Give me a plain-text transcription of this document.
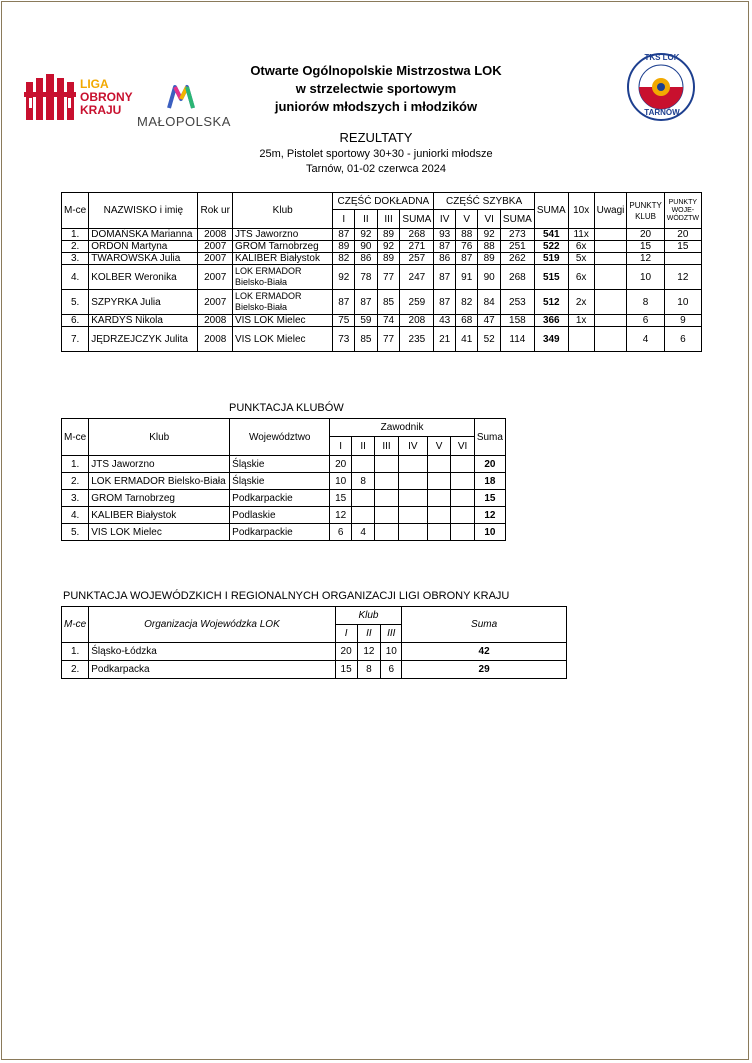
LIGA
OBRONY
KRAJU
MAŁOPOLSKA
TKS LOK
TARNÓW
Otwarte Ogólnopolskie Mistrzostwa LOK
w strzelectwie sportowym
juniorów młodszych i młodzików
REZULTATY
25m, Pistolet sportowy 30+30 - juniorki młodsze
Tarnów, 01-02 czerwca 2024
M-ce	NAZWISKO i imię	Rok ur	Klub	CZĘŚĆ DOKŁADNA				CZĘŚĆ SZYBKA				SUMA	10x	Uwagi	PUNKTY KLUB	PUNKTY WOJE-WÓDZTW
				I	II	III	SUMA	IV	V	VI	SUMA					
1.	DOMAŃSKA Marianna	2008	JTS Jaworzno	87	92	89	268	93	88	92	273	541	11x		20	20
2.	ORDON Martyna	2007	GROM Tarnobrzeg	89	90	92	271	87	76	88	251	522	6x		15	15
3.	TWAROWSKA Julia	2007	KALIBER Białystok	82	86	89	257	86	87	89	262	519	5x		12	
4.	KOLBER Weronika	2007	LOK ERMADOR Bielsko-Biała	92	78	77	247	87	91	90	268	515	6x		10	12
5.	SZPYRKA Julia	2007	LOK ERMADOR Bielsko-Biała	87	87	85	259	87	82	84	253	512	2x		8	10
6.	KARDYŚ Nikola	2008	VIS LOK Mielec	75	59	74	208	43	68	47	158	366	1x		6	9
7.	JĘDRZEJCZYK Julita	2008	VIS LOK Mielec	73	85	77	235	21	41	52	114	349			4	6
PUNKTACJA KLUBÓW
M-ce	Klub	Województwo	Zawodnik						Suma
			I	II	III	IV	V	VI	
1.	JTS Jaworzno	Śląskie	20						20
2.	LOK ERMADOR Bielsko-Biała	Śląskie	10	8					18
3.	GROM Tarnobrzeg	Podkarpackie	15						15
4.	KALIBER Białystok	Podlaskie	12						12
5.	VIS LOK Mielec	Podkarpackie	6	4					10
PUNKTACJA WOJEWÓDZKICH I REGIONALNYCH ORGANIZACJI LIGI OBRONY KRAJU
M-ce	Organizacja Wojewódzka LOK	Klub			Suma
		I	II	III	
1.	Śląsko-Łódzka	20	12	10	42
2.	Podkarpacka	15	8	6	29
